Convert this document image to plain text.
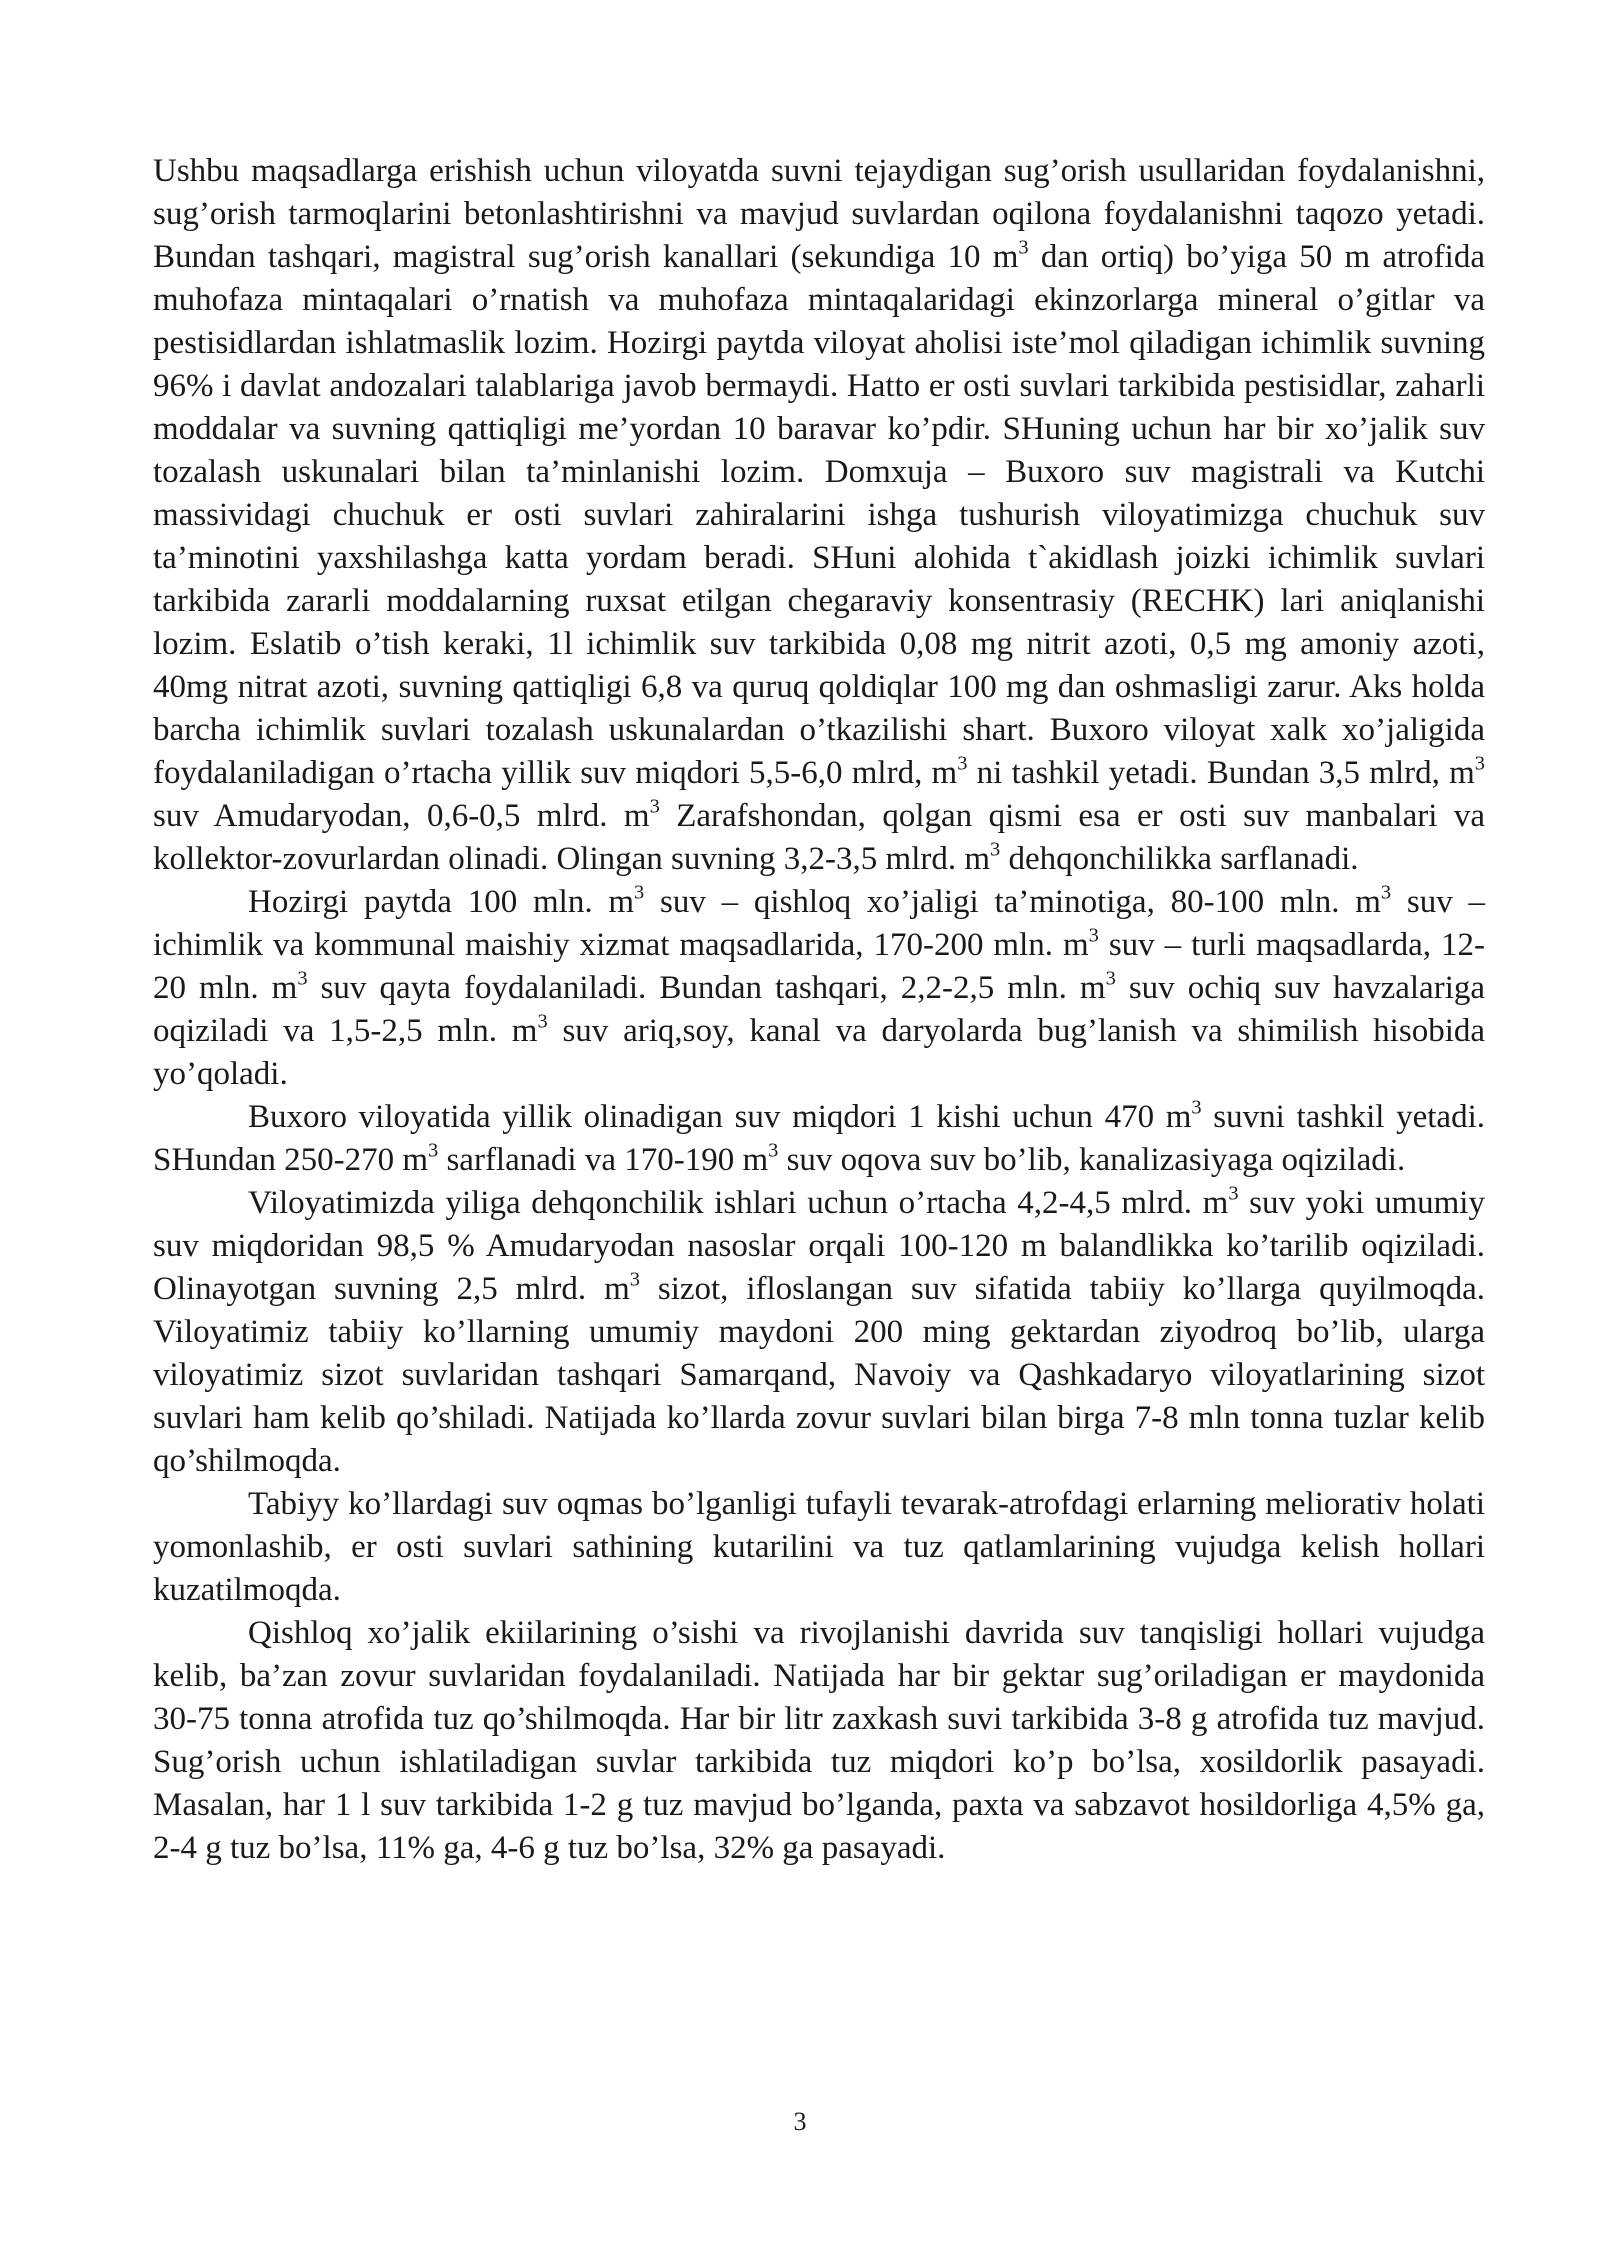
Ushbu maqsadlarga erishish uchun viloyatda suvni tejaydigan sug’orish usullaridan foydalanishni, sug’orish tarmoqlarini betonlashtirishni va mavjud suvlardan oqilona foydalanishni taqozo yetadi. Bundan tashqari, magistral sug’orish kanallari (sekundiga 10 $m^3$ dan ortiq) bo’yiga 50 m atrofida muhofaza mintaqalari o’rnatish va muhofaza mintaqalaridagi ekinzorlarga mineral o’gitlar va pestisidlardan ishlatmaslik lozim. Hozirgi paytda viloyat aholisi iste’mol qiladigan ichimlik suvning 96% i davlat andozalari talablariga javob bermaydi. Hatto er osti suvlari tarkibida pestisidlar, zaharli moddalar va suvning qattiqligi me’yordan 10 baravar ko’pdir. SHuning uchun har bir xo’jalik suv tozalash uskunalari bilan ta’minlanishi lozim. Domxuja – Buxoro suv magistrali va Kutchi massividagi chuchuk er osti suvlari zahiralarini ishga tushurish viloyatimizga chuchuk suv ta’minotini yaxshilashga katta yordam beradi. SHuni alohida t`akidlash joizki ichimlik suvlari tarkibida zararli moddalarning ruxsat etilgan chegaraviy konsentrasiy (RECHK) lari aniqlanishi lozim. Eslatib o’tish keraki, 1l ichimlik suv tarkibida 0,08 mg nitrit azoti, 0,5 mg amoniy azoti, 40mg nitrat azoti, suvning qattiqligi 6,8 va quruq qoldiqlar 100 mg dan oshmasligi zarur. Aks holda barcha ichimlik suvlari tozalash uskunalardan o’tkazilishi shart. Buxoro viloyat xalk xo’jaligida foydalaniladigan o’rtacha yillik suv miqdori 5,5-6,0 mlrd, $m^3$ ni tashkil yetadi. Bundan 3,5 mlrd, $m^3$ suv Amudaryodan, 0,6-0,5 mlrd. $m^3$ Zarafshondan, qolgan qismi esa er osti suv manbalari va kollektor-zovurlardan olinadi. Olingan suvning 3,2-3,5 mlrd. $m^3$ dehqonchilikka sarflanadi.

Hozirgi paytda 100 mln. $m^3$ suv – qishloq xo’jaligi ta’minotiga, 80-100 mln. $m^3$ suv – ichimlik va kommunal maishiy xizmat maqsadlarida, 170-200 mln. $m^3$ suv – turli maqsadlarda, 12-20 mln. $m^3$ suv qayta foydalaniladi. Bundan tashqari, 2,2-2,5 mln. $m^3$ suv ochiq suv havzalariga oqiziladi va 1,5-2,5 mln. $m^3$ suv ariq,soy, kanal va daryolarda bug’lanish va shimilish hisobida yo’qoladi.

Buxoro viloyatida yillik olinadigan suv miqdori 1 kishi uchun 470 $m^3$ suvni tashkil yetadi. SHundan 250-270 $m^3$ sarflanadi va 170-190 $m^3$ suv oqova suv bo’lib, kanalizasiyaga oqiziladi.

Viloyatimizda yiliga dehqonchilik ishlari uchun o’rtacha 4,2-4,5 mlrd. $m^3$ suv yoki umumiy suv miqdoridan 98,5 % Amudaryodan nasoslar orqali 100-120 m balandlikka ko’tarilib oqiziladi. Olinayotgan suvning 2,5 mlrd. $m^3$ sizot, ifloslangan suv sifatida tabiiy ko’llarga quyilmoqda. Viloyatimiz tabiiy ko’llarning umumiy maydoni 200 ming gektardan ziyodroq bo’lib, ularga viloyatimiz sizot suvlaridan tashqari Samarqand, Navoiy va Qashkadaryo viloyatlarining sizot suvlari ham kelib qo’shiladi. Natijada ko’llarda zovur suvlari bilan birga 7-8 mln tonna tuzlar kelib qo’shilmoqda.

Tabiyy ko’llardagi suv oqmas bo’lganligi tufayli tevarak-atrofdagi erlarning meliorativ holati yomonlashib, er osti suvlari sathining kutarilini va tuz qatlamlarining vujudga kelish hollari kuzatilmoqda.

Qishloq xo’jalik ekiilarining o’sishi va rivojlanishi davrida suv tanqisligi hollari vujudga kelib, ba’zan zovur suvlaridan foydalaniladi. Natijada har bir gektar sug’oriladigan er maydonida 30-75 tonna atrofida tuz qo’shilmoqda. Har bir litr zaxkash suvi tarkibida 3-8 g atrofida tuz mavjud. Sug’orish uchun ishlatiladigan suvlar tarkibida tuz miqdori ko’p bo’lsa, xosildorlik pasayadi. Masalan, har 1 l suv tarkibida 1-2 g tuz mavjud bo’lganda, paxta va sabzavot hosildorliga 4,5% ga, 2-4 g tuz bo’lsa, 11% ga, 4-6 g tuz bo’lsa, 32% ga pasayadi.

3
